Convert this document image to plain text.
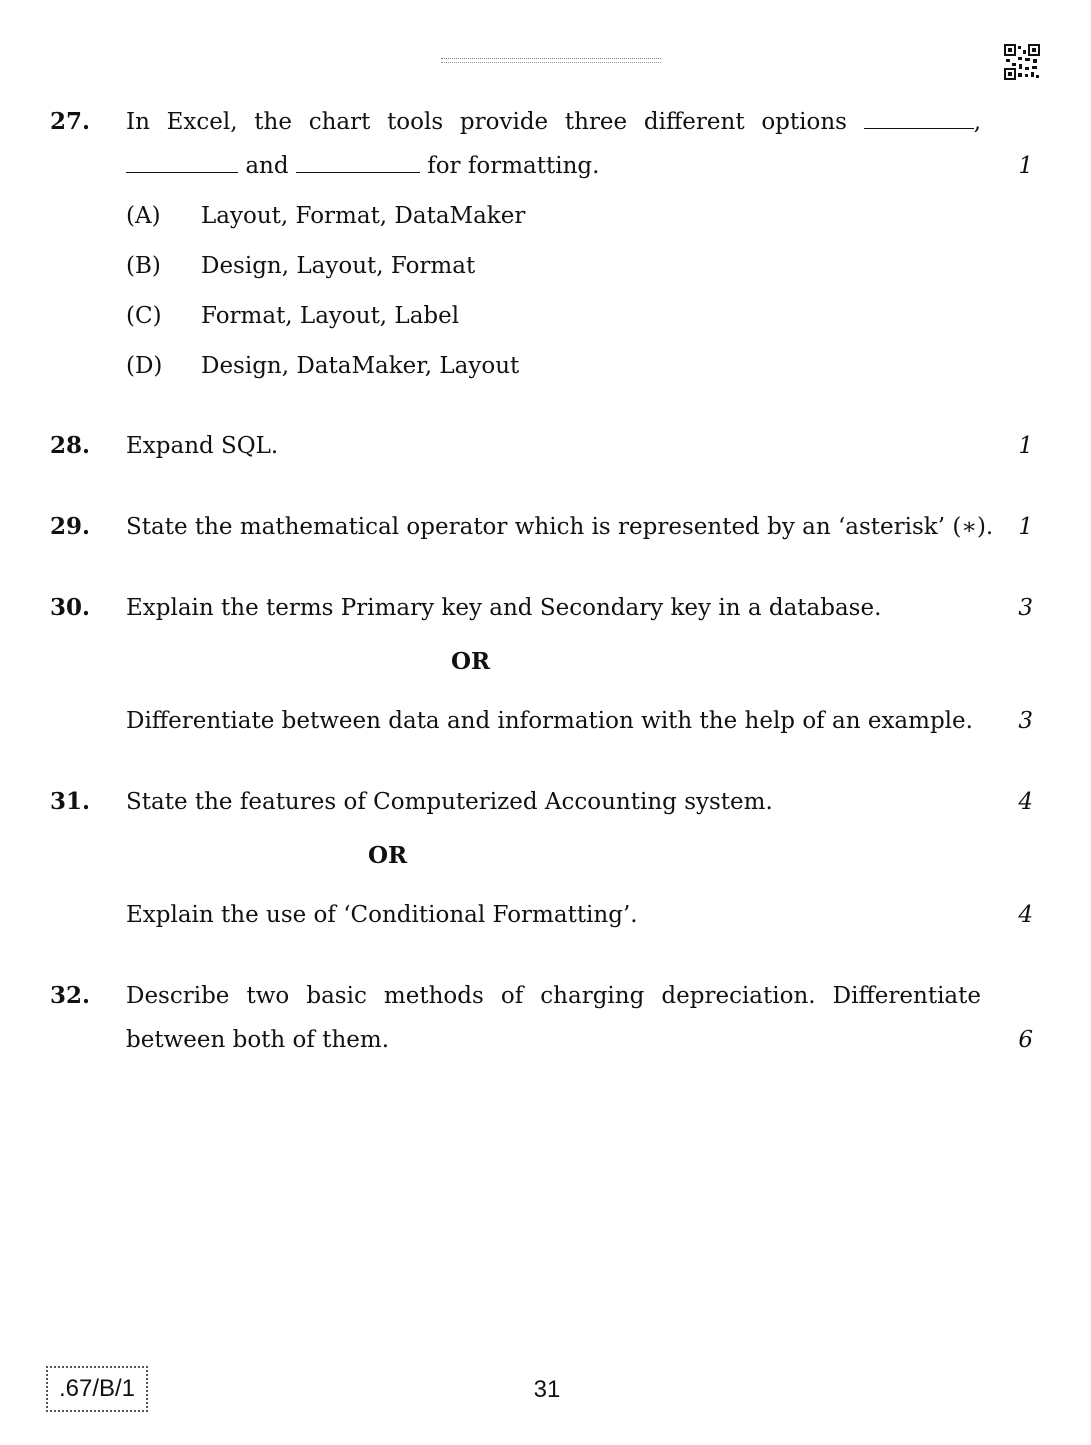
27.	In Excel, the chart tools provide three different options	,
and	for formatting.	1
(A) Layout, Format, DataMaker
(B) Design, Layout, Format
(C) Format, Layout, Label
(D) Design, DataMaker, Layout
28.	Expand SQL.	1
29.	State the mathematical operator which is represented by an ‘asterisk’ (∗).	1
30.	Explain the terms Primary key and Secondary key in a database.	3
OR
Differentiate between data and information with the help of an example.	3
31.	State the features of Computerized Accounting system.	4
OR
Explain the use of ‘Conditional Formatting’.	4
32.	Describe two basic methods of charging depreciation. Differentiate
between both of them.	6
.67/B/1	31
